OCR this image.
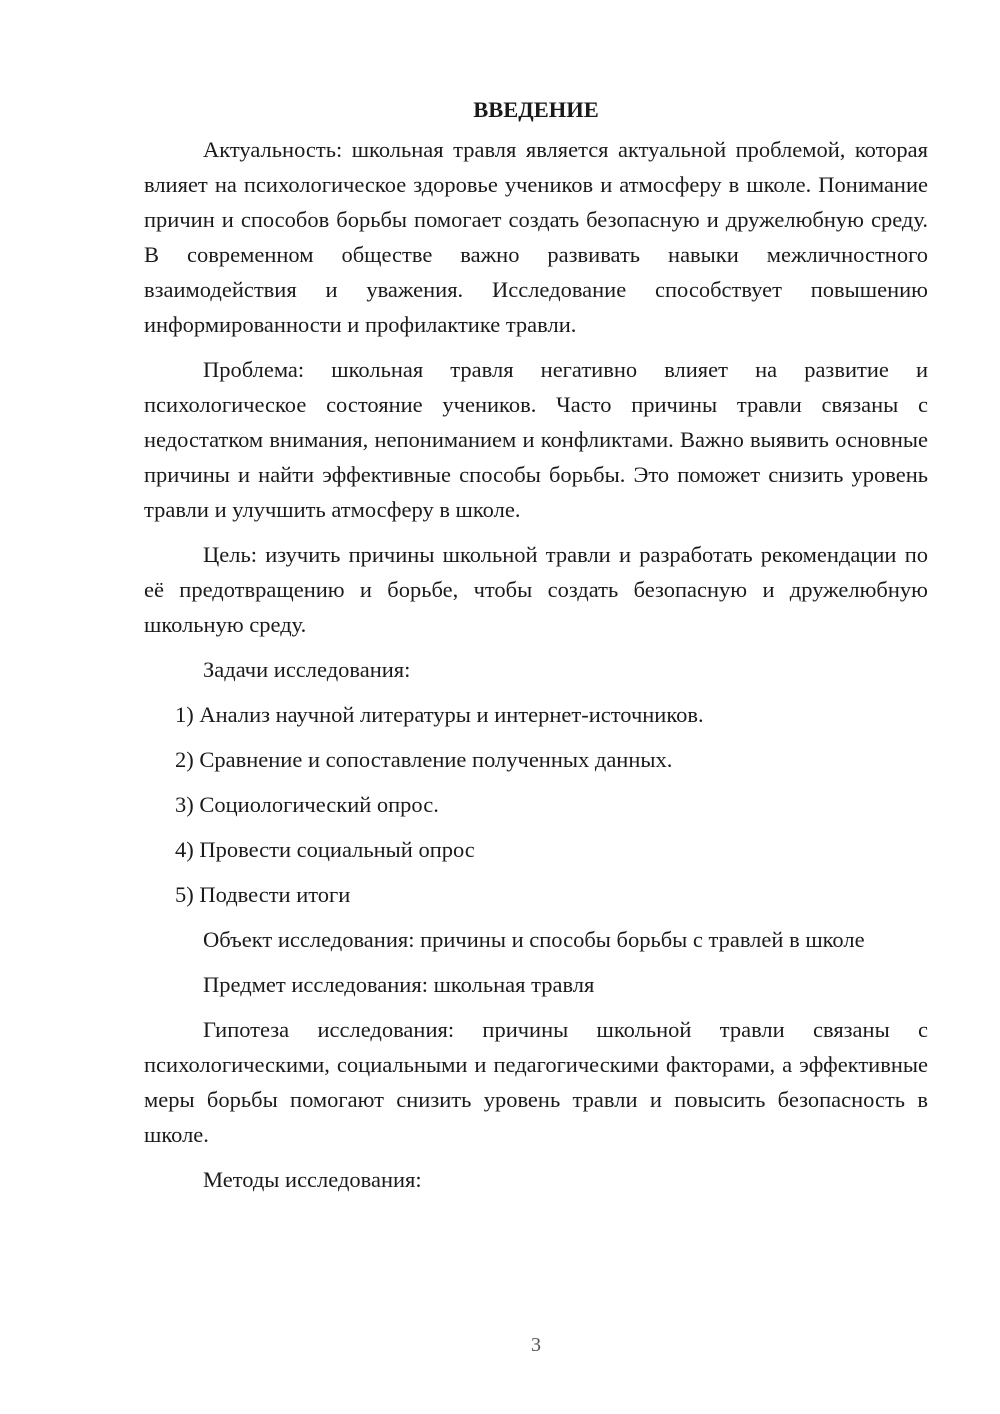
ВВЕДЕНИЕ

Актуальность: школьная травля является актуальной проблемой, которая влияет на психологическое здоровье учеников и атмосферу в школе. Понимание причин и способов борьбы помогает создать безопасную и дружелюбную среду. В современном обществе важно развивать навыки межличностного взаимодействия и уважения. Исследование способствует повышению информированности и профилактике травли.

Проблема: школьная травля негативно влияет на развитие и психологическое состояние учеников. Часто причины травли связаны с недостатком внимания, непониманием и конфликтами. Важно выявить основные причины и найти эффективные способы борьбы. Это поможет снизить уровень травли и улучшить атмосферу в школе.

Цель: изучить причины школьной травли и разработать рекомендации по её предотвращению и борьбе, чтобы создать безопасную и дружелюбную школьную среду.

Задачи исследования:

1) Анализ научной литературы и интернет-источников.
2) Сравнение и сопоставление полученных данных.
3) Социологический опрос.
4) Провести социальный опрос
5) Подвести итоги

Объект исследования: причины и способы борьбы с травлей в школе

Предмет исследования: школьная травля

Гипотеза исследования: причины школьной травли связаны с психологическими, социальными и педагогическими факторами, а эффективные меры борьбы помогают снизить уровень травли и повысить безопасность в школе.

Методы исследования:

3
